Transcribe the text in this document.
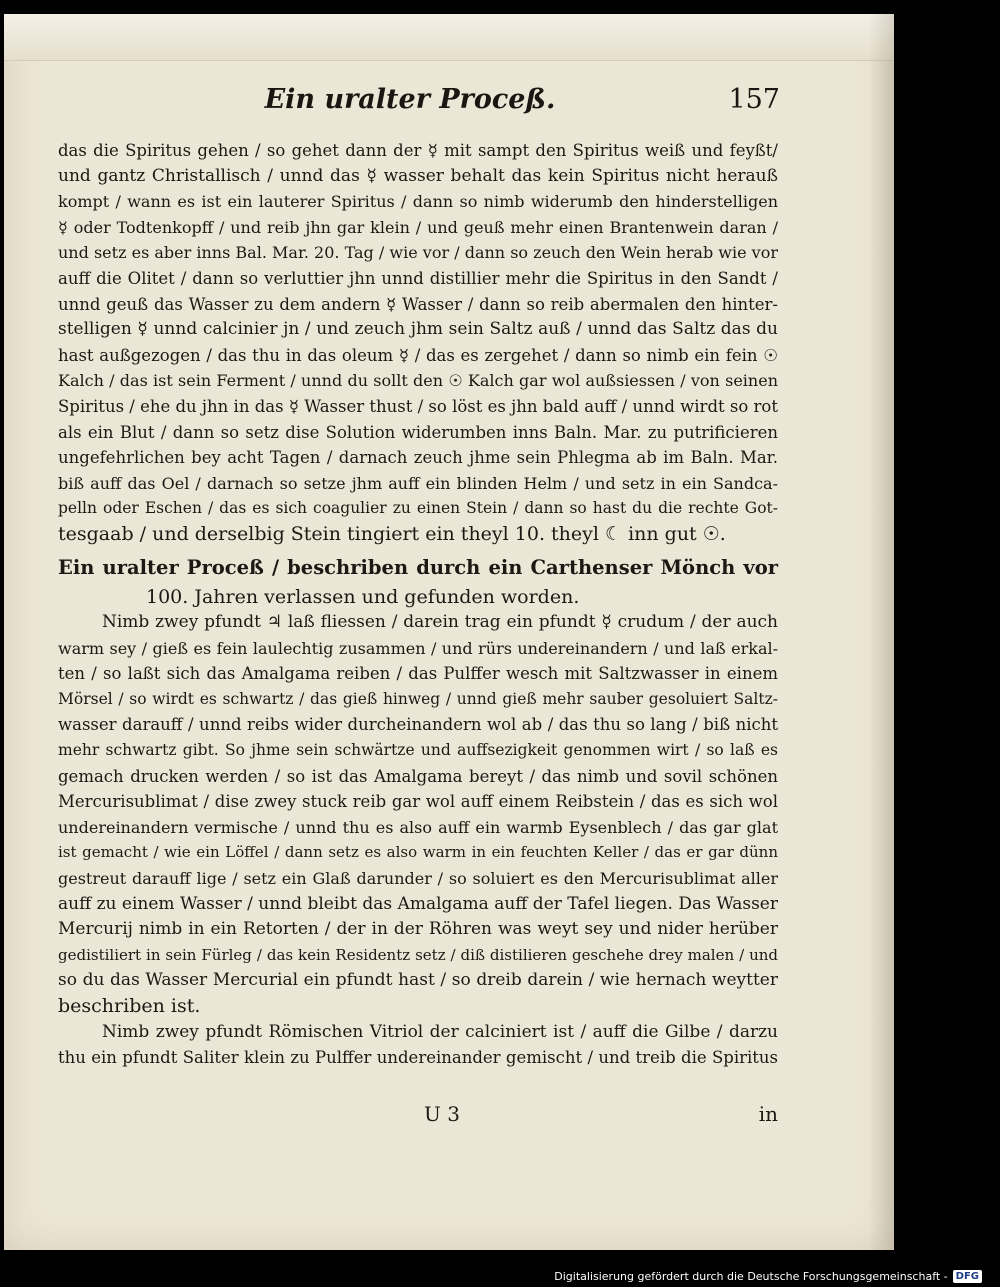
Ein uralter Proceß.	157
das die Spiritus gehen / so gehet dann der ☿ mit sampt den Spiritus weiß und feyßt/
und gantz Christallisch / unnd das ☿ wasser behalt das kein Spiritus nicht herauß
kompt / wann es ist ein lauterer Spiritus / dann so nimb widerumb den hinderstelligen
☿ oder Todtenkopff / und reib jhn gar klein / und geuß mehr einen Brantenwein daran /
und setz es aber inns Bal. Mar. 20. Tag / wie vor / dann so zeuch den Wein herab wie vor
auff die Olitet / dann so verluttier jhn unnd distillier mehr die Spiritus in den Sandt /
unnd geuß das Wasser zu dem andern ☿ Wasser / dann so reib abermalen den hinter-
stelligen ☿ unnd calcinier jn / und zeuch jhm sein Saltz auß / unnd das Saltz das du
hast außgezogen / das thu in das oleum ☿ / das es zergehet / dann so nimb ein fein ☉
Kalch / das ist sein Ferment / unnd du sollt den ☉ Kalch gar wol außsiessen / von seinen
Spiritus / ehe du jhn in das ☿ Wasser thust / so löst es jhn bald auff / unnd wirdt so rot
als ein Blut / dann so setz dise Solution widerumben inns Baln. Mar. zu putrificieren
ungefehrlichen bey acht Tagen / darnach zeuch jhme sein Phlegma ab im Baln. Mar.
biß auff das Oel / darnach so setze jhm auff ein blinden Helm / und setz in ein Sandca-
pelln oder Eschen / das es sich coagulier zu einen Stein / dann so hast du die rechte Got-
tesgaab / und derselbig Stein tingiert ein theyl 10. theyl ☾ inn gut ☉.
Ein uralter Proceß / beschriben durch ein Carthenser Mönch vor
100. Jahren verlassen und gefunden worden.
Nimb zwey pfundt ♃ laß fliessen / darein trag ein pfundt ☿ crudum / der auch
warm sey / gieß es fein laulechtig zusammen / und rürs undereinandern / und laß erkal-
ten / so laßt sich das Amalgama reiben / das Pulffer wesch mit Saltzwasser in einem
Mörsel / so wirdt es schwartz / das gieß hinweg / unnd gieß mehr sauber gesoluiert Saltz-
wasser darauff / unnd reibs wider durcheinandern wol ab / das thu so lang / biß nicht
mehr schwartz gibt. So jhme sein schwärtze und auffsezigkeit genommen wirt / so laß es
gemach drucken werden / so ist das Amalgama bereyt / das nimb und sovil schönen
Mercurisublimat / dise zwey stuck reib gar wol auff einem Reibstein / das es sich wol
undereinandern vermische / unnd thu es also auff ein warmb Eysenblech / das gar glat
ist gemacht / wie ein Löffel / dann setz es also warm in ein feuchten Keller / das er gar dünn
gestreut darauff lige / setz ein Glaß darunder / so soluiert es den Mercurisublimat aller
auff zu einem Wasser / unnd bleibt das Amalgama auff der Tafel liegen. Das Wasser
Mercurij nimb in ein Retorten / der in der Röhren was weyt sey und nider herüber
gedistiliert in sein Fürleg / das kein Residentz setz / diß distilieren geschehe drey malen / und
so du das Wasser Mercurial ein pfundt hast / so dreib darein / wie hernach weytter
beschriben ist.
Nimb zwey pfundt Römischen Vitriol der calciniert ist / auff die Gilbe / darzu
thu ein pfundt Saliter klein zu Pulffer undereinander gemischt / und treib die Spiritus
U 3	in
Digitalisierung gefördert durch die Deutsche Forschungsgemeinschaft - DFG
